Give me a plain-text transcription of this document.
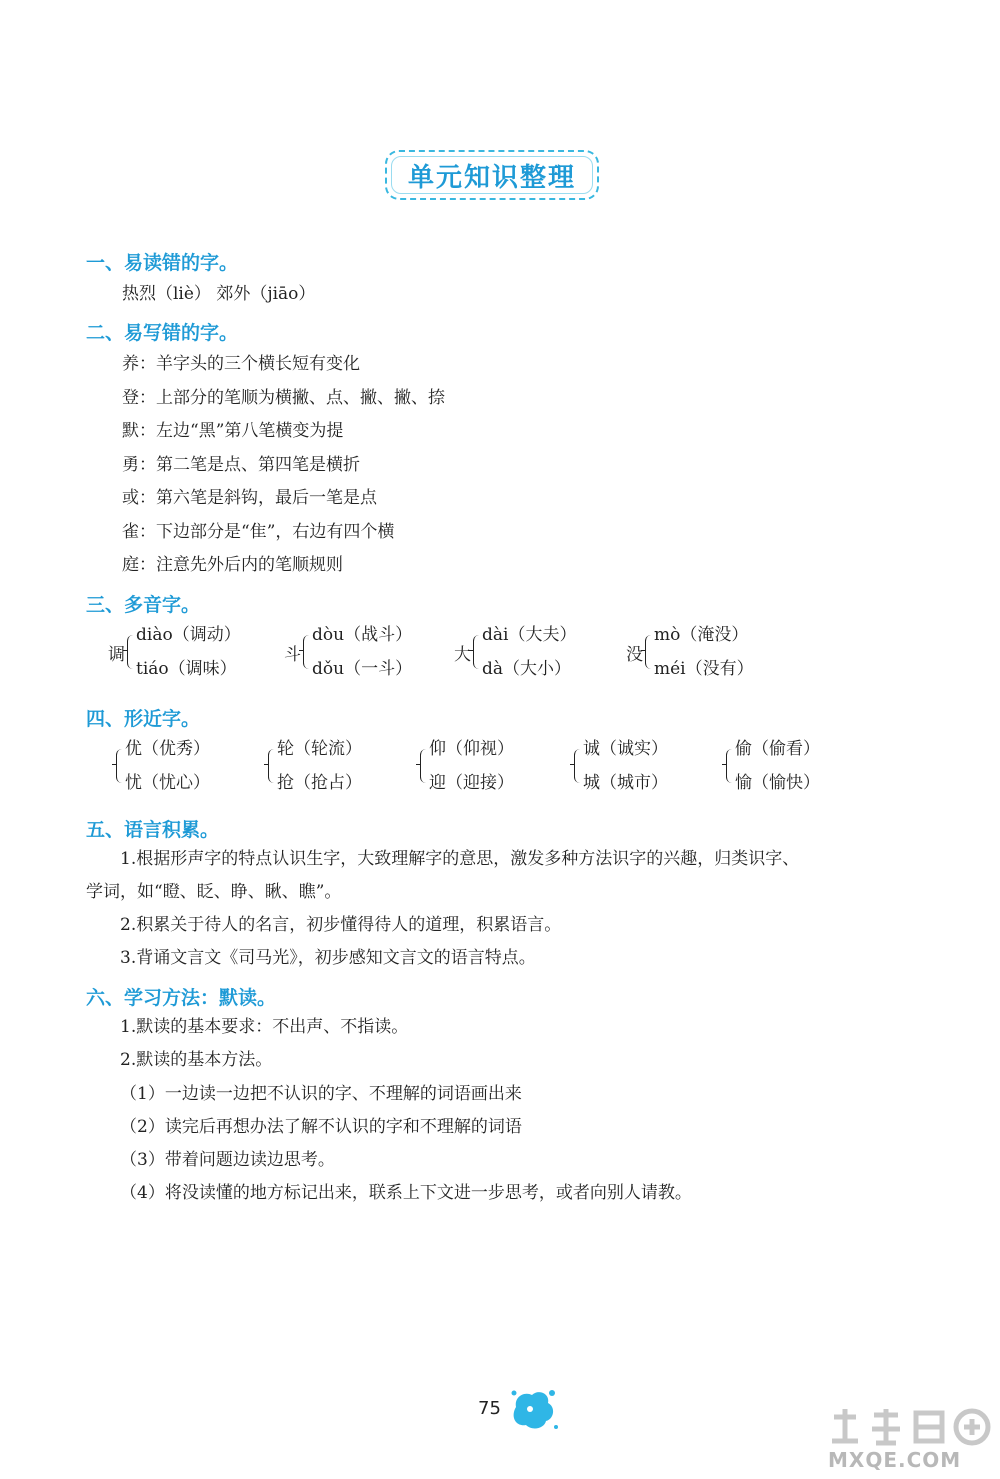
单元知识整理
一、易读错的字。
热烈（liè） 郊外（jiāo）
二、易写错的字。
养：羊字头的三个横长短有变化
登：上部分的笔顺为横撇、点、撇、撇、捺
默：左边“黑”第八笔横变为提
勇：第二笔是点、第四笔是横折
或：第六笔是斜钩，最后一笔是点
雀：下边部分是“隹”，右边有四个横
庭：注意先外后内的笔顺规则
三、多音字。
调
diào（调动）
tiáo（调味）
斗
dòu（战斗）
dǒu（一斗）
大
dài（大夫）
dà（大小）
没
mò（淹没）
méi（没有）
四、形近字。
优（优秀）
忧（忧心）
轮（轮流）
抢（抢占）
仰（仰视）
迎（迎接）
诚（诚实）
城（城市）
偷（偷看）
愉（愉快）
五、语言积累。
1.根据形声字的特点认识生字，大致理解字的意思，激发多种方法识字的兴趣，归类识字、
学词，如“瞪、眨、睁、瞅、瞧”。
2.积累关于待人的名言，初步懂得待人的道理，积累语言。
3.背诵文言文《司马光》，初步感知文言文的语言特点。
六、学习方法：默读。
1.默读的基本要求：不出声、不指读。
2.默读的基本方法。
（1）一边读一边把不认识的字、不理解的词语画出来
（2）读完后再想办法了解不认识的字和不理解的词语
（3）带着问题边读边思考。
（4）将没读懂的地方标记出来，联系上下文进一步思考，或者向别人请教。
75
MXQE.COM
